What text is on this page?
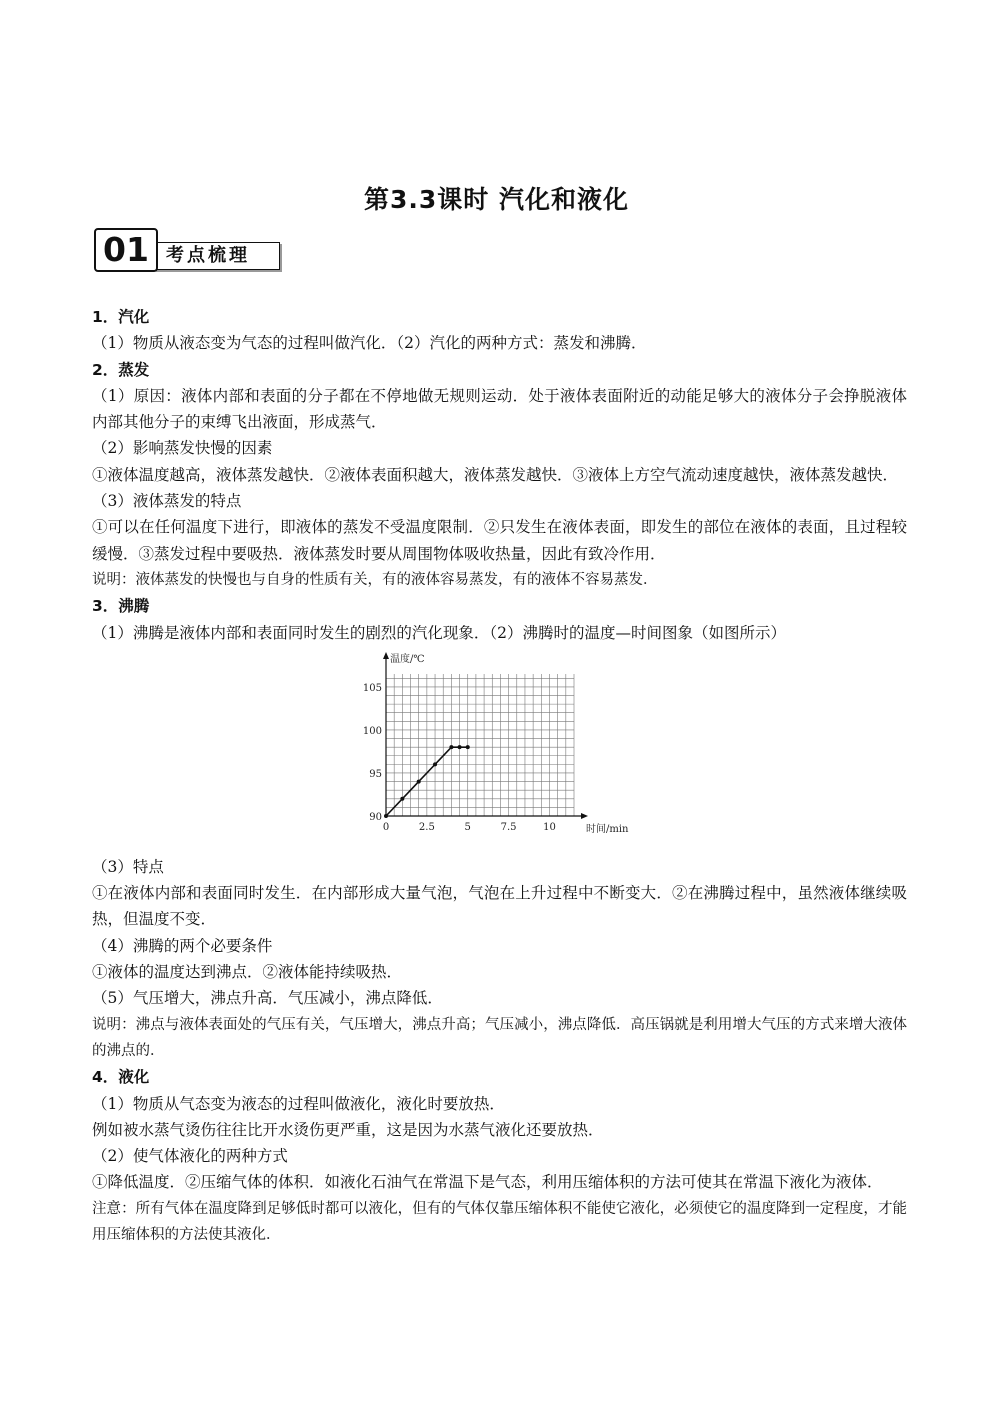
第3.3课时 汽化和液化
考点梳理
01
1．汽化
（1）物质从液态变为气态的过程叫做汽化．（2）汽化的两种方式：蒸发和沸腾．
2．蒸发
（1）原因：液体内部和表面的分子都在不停地做无规则运动．处于液体表面附近的动能足够大的液体分子会挣脱液体内部其他分子的束缚飞出液面，形成蒸气．
（2）影响蒸发快慢的因素
①液体温度越高，液体蒸发越快．②液体表面积越大，液体蒸发越快．③液体上方空气流动速度越快，液体蒸发越快．
（3）液体蒸发的特点
①可以在任何温度下进行，即液体的蒸发不受温度限制．②只发生在液体表面，即发生的部位在液体的表面，且过程较缓慢．③蒸发过程中要吸热．液体蒸发时要从周围物体吸收热量，因此有致冷作用．
说明：液体蒸发的快慢也与自身的性质有关，有的液体容易蒸发，有的液体不容易蒸发．
3．沸腾
（1）沸腾是液体内部和表面同时发生的剧烈的汽化现象．（2）沸腾时的温度—时间图象（如图所示）
0	2.5	5	7.5	10
90
95
100
105
温度/℃
时间/min
（3）特点
①在液体内部和表面同时发生．在内部形成大量气泡，气泡在上升过程中不断变大．②在沸腾过程中，虽然液体继续吸热，但温度不变．
（4）沸腾的两个必要条件
①液体的温度达到沸点．②液体能持续吸热．
（5）气压增大，沸点升高．气压减小，沸点降低．
说明：沸点与液体表面处的气压有关，气压增大，沸点升高；气压减小，沸点降低．高压锅就是利用增大气压的方式来增大液体的沸点的．
4．液化
（1）物质从气态变为液态的过程叫做液化，液化时要放热．
例如被水蒸气烫伤往往比开水烫伤更严重，这是因为水蒸气液化还要放热．
（2）使气体液化的两种方式
①降低温度．②压缩气体的体积．如液化石油气在常温下是气态，利用压缩体积的方法可使其在常温下液化为液体．
注意：所有气体在温度降到足够低时都可以液化，但有的气体仅靠压缩体积不能使它液化，必须使它的温度降到一定程度，才能用压缩体积的方法使其液化．
